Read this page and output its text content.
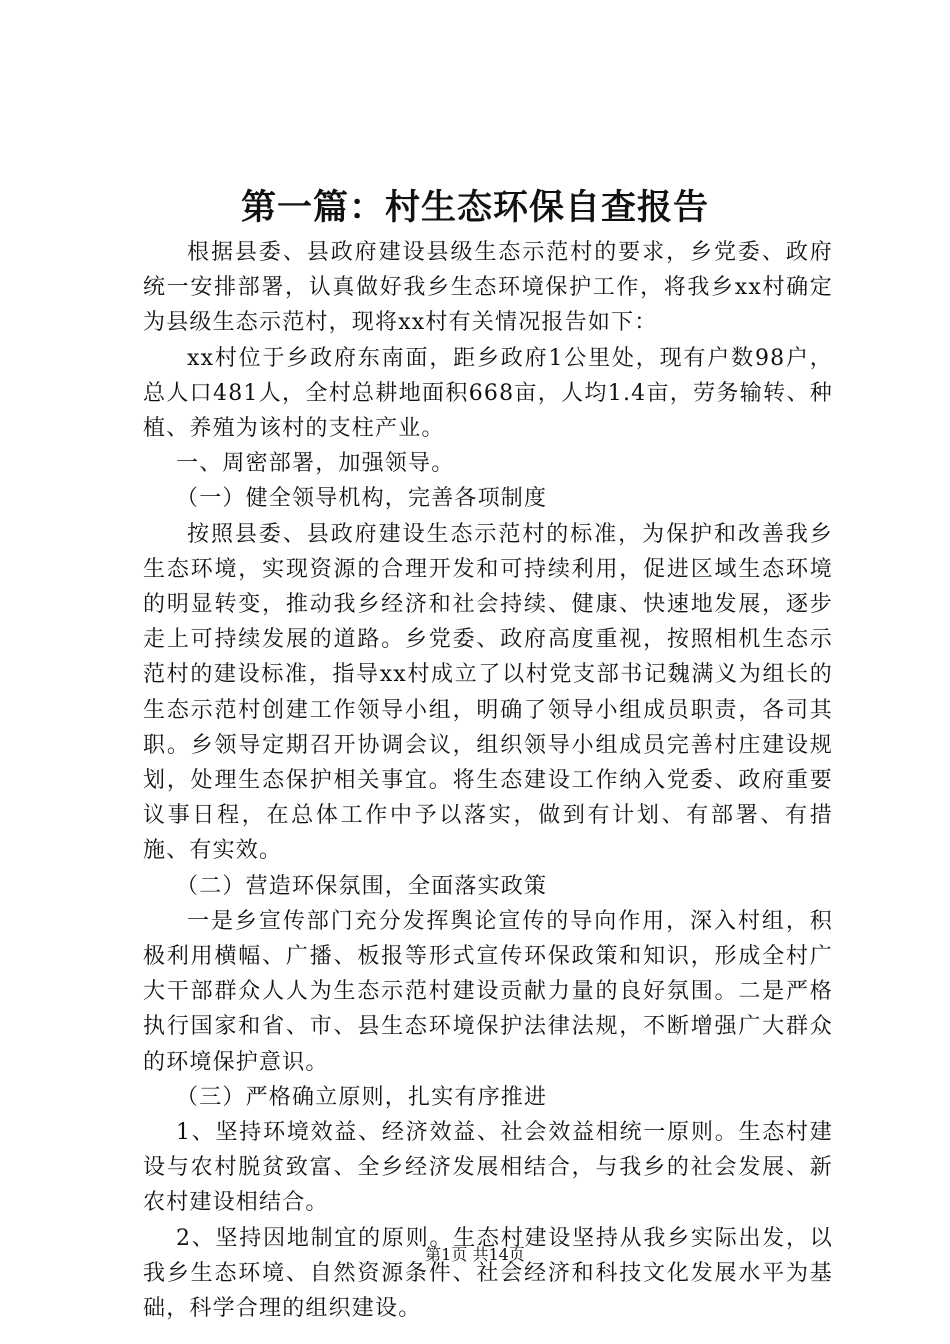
第一篇：村生态环保自查报告

根据县委、县政府建设县级生态示范村的要求，乡党委、政府统一安排部署，认真做好我乡生态环境保护工作，将我乡xx村确定为县级生态示范村，现将xx村有关情况报告如下：

xx村位于乡政府东南面，距乡政府1公里处，现有户数98户，总人口481人，全村总耕地面积668亩，人均1.4亩，劳务输转、种植、养殖为该村的支柱产业。

一、周密部署，加强领导。

（一）健全领导机构，完善各项制度

按照县委、县政府建设生态示范村的标准，为保护和改善我乡生态环境，实现资源的合理开发和可持续利用，促进区域生态环境的明显转变，推动我乡经济和社会持续、健康、快速地发展，逐步走上可持续发展的道路。乡党委、政府高度重视，按照相机生态示范村的建设标准，指导xx村成立了以村党支部书记魏满义为组长的生态示范村创建工作领导小组，明确了领导小组成员职责，各司其职。乡领导定期召开协调会议，组织领导小组成员完善村庄建设规划，处理生态保护相关事宜。将生态建设工作纳入党委、政府重要议事日程，在总体工作中予以落实，做到有计划、有部署、有措施、有实效。

（二）营造环保氛围，全面落实政策

一是乡宣传部门充分发挥舆论宣传的导向作用，深入村组，积极利用横幅、广播、板报等形式宣传环保政策和知识，形成全村广大干部群众人人为生态示范村建设贡献力量的良好氛围。二是严格执行国家和省、市、县生态环境保护法律法规，不断增强广大群众的环境保护意识。

（三）严格确立原则，扎实有序推进

1、坚持环境效益、经济效益、社会效益相统一原则。生态村建设与农村脱贫致富、全乡经济发展相结合，与我乡的社会发展、新农村建设相结合。

2、坚持因地制宜的原则。生态村建设坚持从我乡实际出发，以我乡生态环境、自然资源条件、社会经济和科技文化发展水平为基础，科学合理的组织建设。

第1页 共14页
